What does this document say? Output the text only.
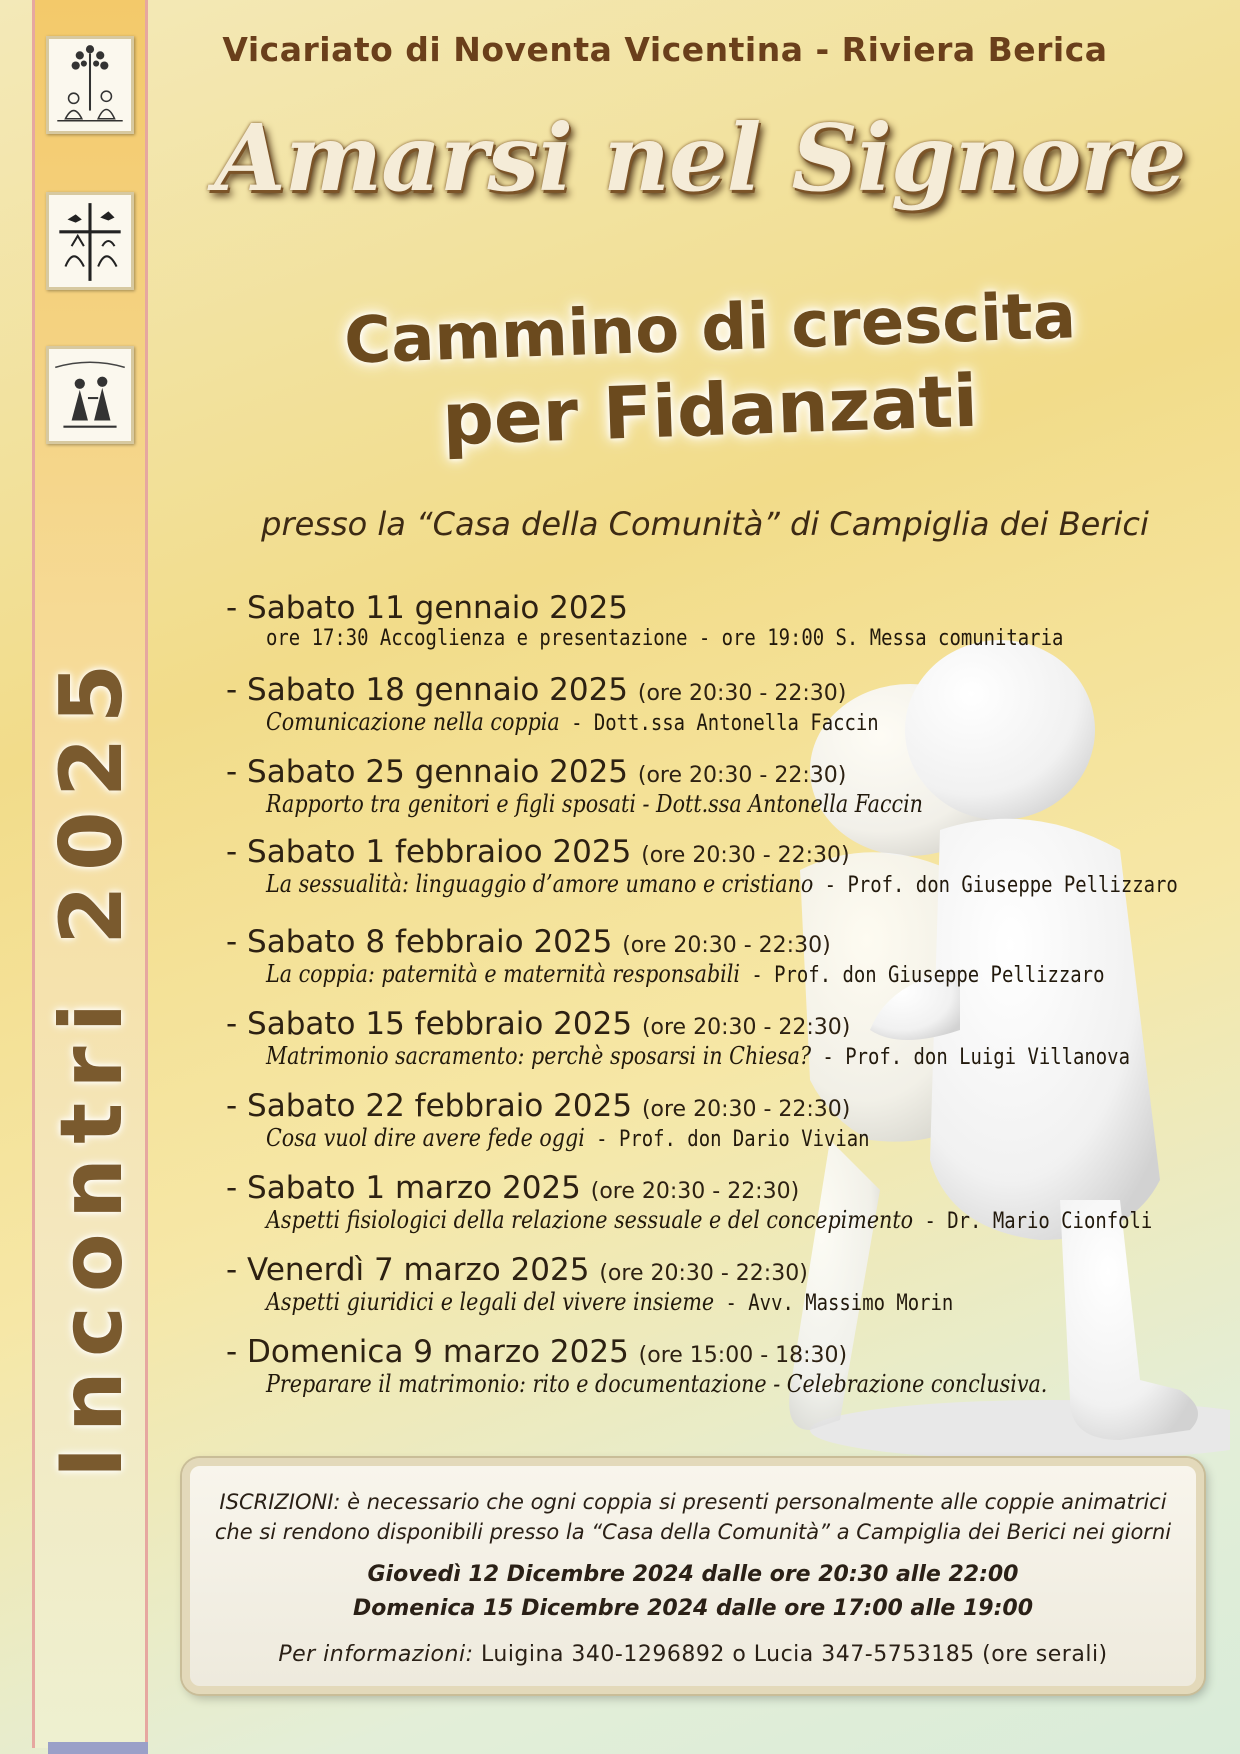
Incontri 2025
Vicariato di Noventa Vicentina - Riviera Berica
Amarsi nel Signore
Cammino di crescita
per Fidanzati
presso la “Casa della Comunità” di Campiglia dei Berici
- Sabato 11 gennaio 2025
ore 17:30 Accoglienza e presentazione - ore 19:00 S. Messa comunitaria
- Sabato 18 gennaio 2025 (ore 20:30 - 22:30)
Comunicazione nella coppia - Dott.ssa Antonella Faccin
- Sabato 25 gennaio 2025 (ore 20:30 - 22:30)
Rapporto tra genitori e figli sposati - Dott.ssa Antonella Faccin
- Sabato 1 febbraioo 2025 (ore 20:30 - 22:30)
La sessualità: linguaggio d’amore umano e cristiano - Prof. don Giuseppe Pellizzaro
- Sabato 8 febbraio 2025 (ore 20:30 - 22:30)
La coppia: paternità e maternità responsabili - Prof. don Giuseppe Pellizzaro
- Sabato 15 febbraio 2025 (ore 20:30 - 22:30)
Matrimonio sacramento: perchè sposarsi in Chiesa? - Prof. don Luigi Villanova
- Sabato 22 febbraio 2025 (ore 20:30 - 22:30)
Cosa vuol dire avere fede oggi - Prof. don Dario Vivian
- Sabato 1 marzo 2025 (ore 20:30 - 22:30)
Aspetti fisiologici della relazione sessuale e del concepimento - Dr. Mario Cionfoli
- Venerdì 7 marzo 2025 (ore 20:30 - 22:30)
Aspetti giuridici e legali del vivere insieme - Avv. Massimo Morin
- Domenica 9 marzo 2025 (ore 15:00 - 18:30)
Preparare il matrimonio: rito e documentazione - Celebrazione conclusiva.
ISCRIZIONI: è necessario che ogni coppia si presenti personalmente alle coppie animatrici
che si rendono disponibili presso la “Casa della Comunità” a Campiglia dei Berici nei giorni
Giovedì 12 Dicembre 2024 dalle ore 20:30 alle 22:00
Domenica 15 Dicembre 2024 dalle ore 17:00 alle 19:00
Per informazioni: Luigina 340-1296892 o Lucia 347-5753185 (ore serali)
